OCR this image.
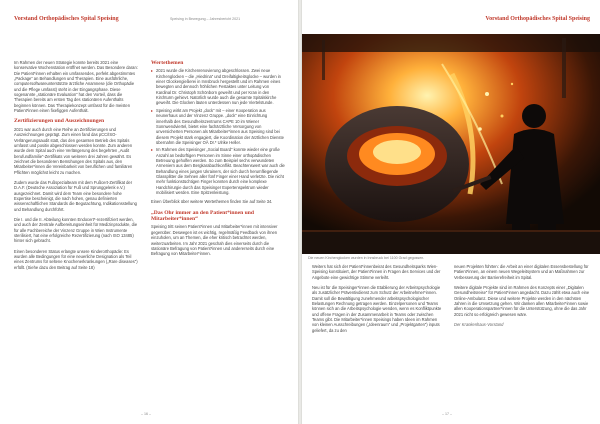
Vorstand Orthopädisches Spital Speising	Speising in Bewegung – Jahresbericht 2021

Im Rahmen der neuen Strategie konnte bereits 2021 eine konservative Wochenstation eröffnet werden. Das Besondere daran: Die Patient*innen erhalten ein umfassendes, perfekt abgestimmtes „Package“ an Behandlungen und Therapien. Eine ausführliche, computersoftwareunterstützte ärztliche Anamnese (die Orthopädie und die Pflege umfasst) steht in der Eingangsphase. Diese sogenannte „stationäre Evaluation“ hat den Vorteil, dass die Therapien bereits am ersten Tag des stationären Aufenthalts beginnen können. Das Therapiekonzept umfasst für die meisten Patient*innen einen fixefiggen Aufenthalt.

Zertifizierungen und Auszeichnungen

2021 war auch durch eine Reihe an Zertifizierungen und Auszeichnungen geprägt. Zum einen fand das pCC/ISO-Verlängerungsaudit statt, das den gesamten Betrieb des Spitals umfasst und positiv abgeschlossen werden konnte. Zum anderen wurde dem Spital auch eine Verlängerung des begehrten „Audit berufundfamilie“-Zertifikats von weiteren drei Jahren gewährt. Es zeichnet die besonderen Bemühungen des Spitals aus, den Mitarbeiter*innen die Vereinbarkeit von beruflichen und familiären Pflichten möglichst leicht zu machen.

Zudem wurde das Fußspezialteam mit dem Fußcert-Zertifikat der D.A.F. (Deutsche Assoziation für Fuß und Sprunggelenk e.V.) ausgezeichnet. Damit wird dem Team eine besondere hohe Expertise bescheinigt, die nach hohen, genau definierten wissenschaftlichen Standards die Begutachtung, Indikationsstellung und Behandlung durchführt.

Die I. und die II. Abteilung konnten Endocert*-rezertifiziert werden, und auch der Zentrale Aufbereitungseinheit für Medizinprodukte, die für alle Fachbereiche der Vinzenz Gruppe in Wien Instrumente sterilisiert, hat eine erfolgreiche Rezertifizierung (nach ISO 13485) hinter sich gebracht.

Einen besonderen Status erlangte unsere Kinderorthopädie: Es wurden alle Bedingungen für eine neuerliche Designation als Teil eines Zentrums für seltene Knochenerkrankungen („Rare diseases“) erfüllt. (Siehe dazu den Beitrag auf Seite 18)

Wertethemen
▸ 2021 wurde die Kirchenrenovierung abgeschlossen. Zwei neue Kirchenglocken – die „Hiedrina“ und Dreifaltigkeitsglocke – wurden in einer Glockengießerei in Innsbruck hergestellt und im Rahmen eines bewegten und dennoch fröhlichen Festaktes unter Leitung von Kardinal Dr. Christoph Schönborn geweiht und per Kran in den Kirchturm gehievt. Natürlich wurde auch die gesamte Spitalskirche geweiht. Die Glocken läuten unterdessen nun jede Viertelstunde.
▸ Speising wirkt am Projekt „dock“ mit – einer Kooperation aus neunerhaus und der Vinzenz Gruppe. „dock“ eine Einrichtung innerhalb des Gesundheitszentrums CAPE 10 im Wiener Sonnwendviertel, bietet eine fachärztliche Versorgung von unversicherten Personen als Mitarbeiter*innen aus Speising sind bei diesem Projekt stark engagiert, die Koordination der ärztlichen Dienste übernahm die Speisinger OÄ Dr.* Ulrike Heller.
▸ Im Rahmen des Speisinger „Social Board“ konnte wieder eine große Anzahl an bedürftigen Personen im Sinne einer orthopädischen Betreuung geholfen werden. So zum Beispiel sechs verwundeten Armeniern aus dem Bergkarabachkonflikt. Beachtenswert war auch die Behandlung eines jungen Ukrainers, der sich durch herumfliegende Glassplitter die Sehnen aller fünf Finger einer Hand verletzte. Die nicht mehr funktionstüchtigen Finger konnten durch eine komplexe Handchirurgie durch das Speisinger Expertenspektrum wieder mobilisiert werden. Eine Spitzenleistung.

Einen Überblick über weitere Wertethemen finden Sie auf Seite 34.

„Das Ohr immer an den Patient*innen und Mitarbeiter*innen“

Speising tritt seinen Patient*innen und Mitarbeiter*innen mit intensiver gegenüber. Deswegen ist es wichtig, regelmäßig Feedback von ihnen einzuholen, um an Themen, die eher kritisch betrachtet werden, weiterzuarbeiten. Im Jahr 2021 geschah dies einerseits durch die stationäre Befragung von Patient*innen und andererseits durch eine Befragung von Mitarbeiter*innen.

– 16 –
Vorstand Orthopädisches Spital Speising
Die neuen Kirchenglocken wurden in Innsbruck bei 1100 Grad gegossen.

Weiters hat sich der Patient*innenbeirat des Gesundheitsparks Wien-Speising konstituiert, der Patient*innen in Fragen des Services und der Angebote eine gewichtige Stimme verleiht.

Neu ist für die Speisinger*innen die Etablierung der Arbeitspsychologie als zusätzlicher Präventivdienst zum Schutz der Arbeitnehmer*innen. Damit soll die Bewältigung zunehmender arbeitspsychologischer Belastungen Rechnung getragen werden. Einzelpersonen und Teams können sich an die Arbeitspsychologie wenden, wenn es Konfliktpunkte und offene Fragen in der Zusammenarbeit in Teams oder zwischen Teams gibt. Die Mitarbeiter*innen Speisings haben Ideen im Rahmen von kleinen Ausschreibungen („Ideenraum“ und „Projektgarten“) inputs geliefert, da zu den

neuen Projekten führten: die Arbeit an einer digitalen Essensbestellung für Patient*innen, an einem neuen Wegeleitsystem und an Maßnahmen zur Verbesserung der Barrierefreiheit im Spital.

Weitere digitale Projekte sind im Rahmen des Konzepts einer „Digitalen Gesundheitsreise“ für Patient*innen angedacht. Dazu zählt etwa auch eine Online-Ambulanz. Diese und weitere Projekte werden in den nächsten Jahren in die Umsetzung gehen. Wir danken allen Mitarbeiter*innen sowie allen Kooperationspartner*innen für die Unterstützung, ohne die das Jahr 2021 nicht so erfolgreich gewesen wäre.

Der Krankenhaus-Vorstand

– 17 –
